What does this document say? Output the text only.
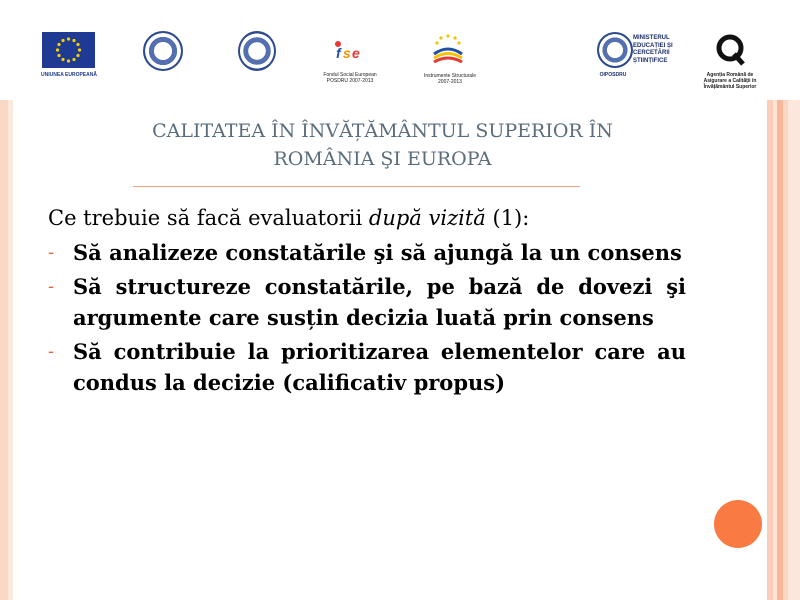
UNIUNEA EUROPEANĂ
f s e
Fondul Social European
POSDRU 2007-2013
Instrumente Structurale
2007-2013
MINISTERUL
EDUCAȚIEI ȘI
CERCETĂRII
ȘTIINȚIFICE
OIPOSDRU	Agenția Română de
Asigurare a Calității în
Învățământul Superior
CALITATEA ÎN ÎNVĂȚĂMÂNTUL SUPERIOR ÎN
ROMÂNIA ŞI EUROPA

Ce trebuie să facă evaluatorii după vizită (1):

- Să analizeze constatările şi să ajungă la un consens
- Să structureze constatările, pe bază de dovezi şi argumente care susțin decizia luată prin consens
- Să contribuie la prioritizarea elementelor care au condus la decizie (calificativ propus)
